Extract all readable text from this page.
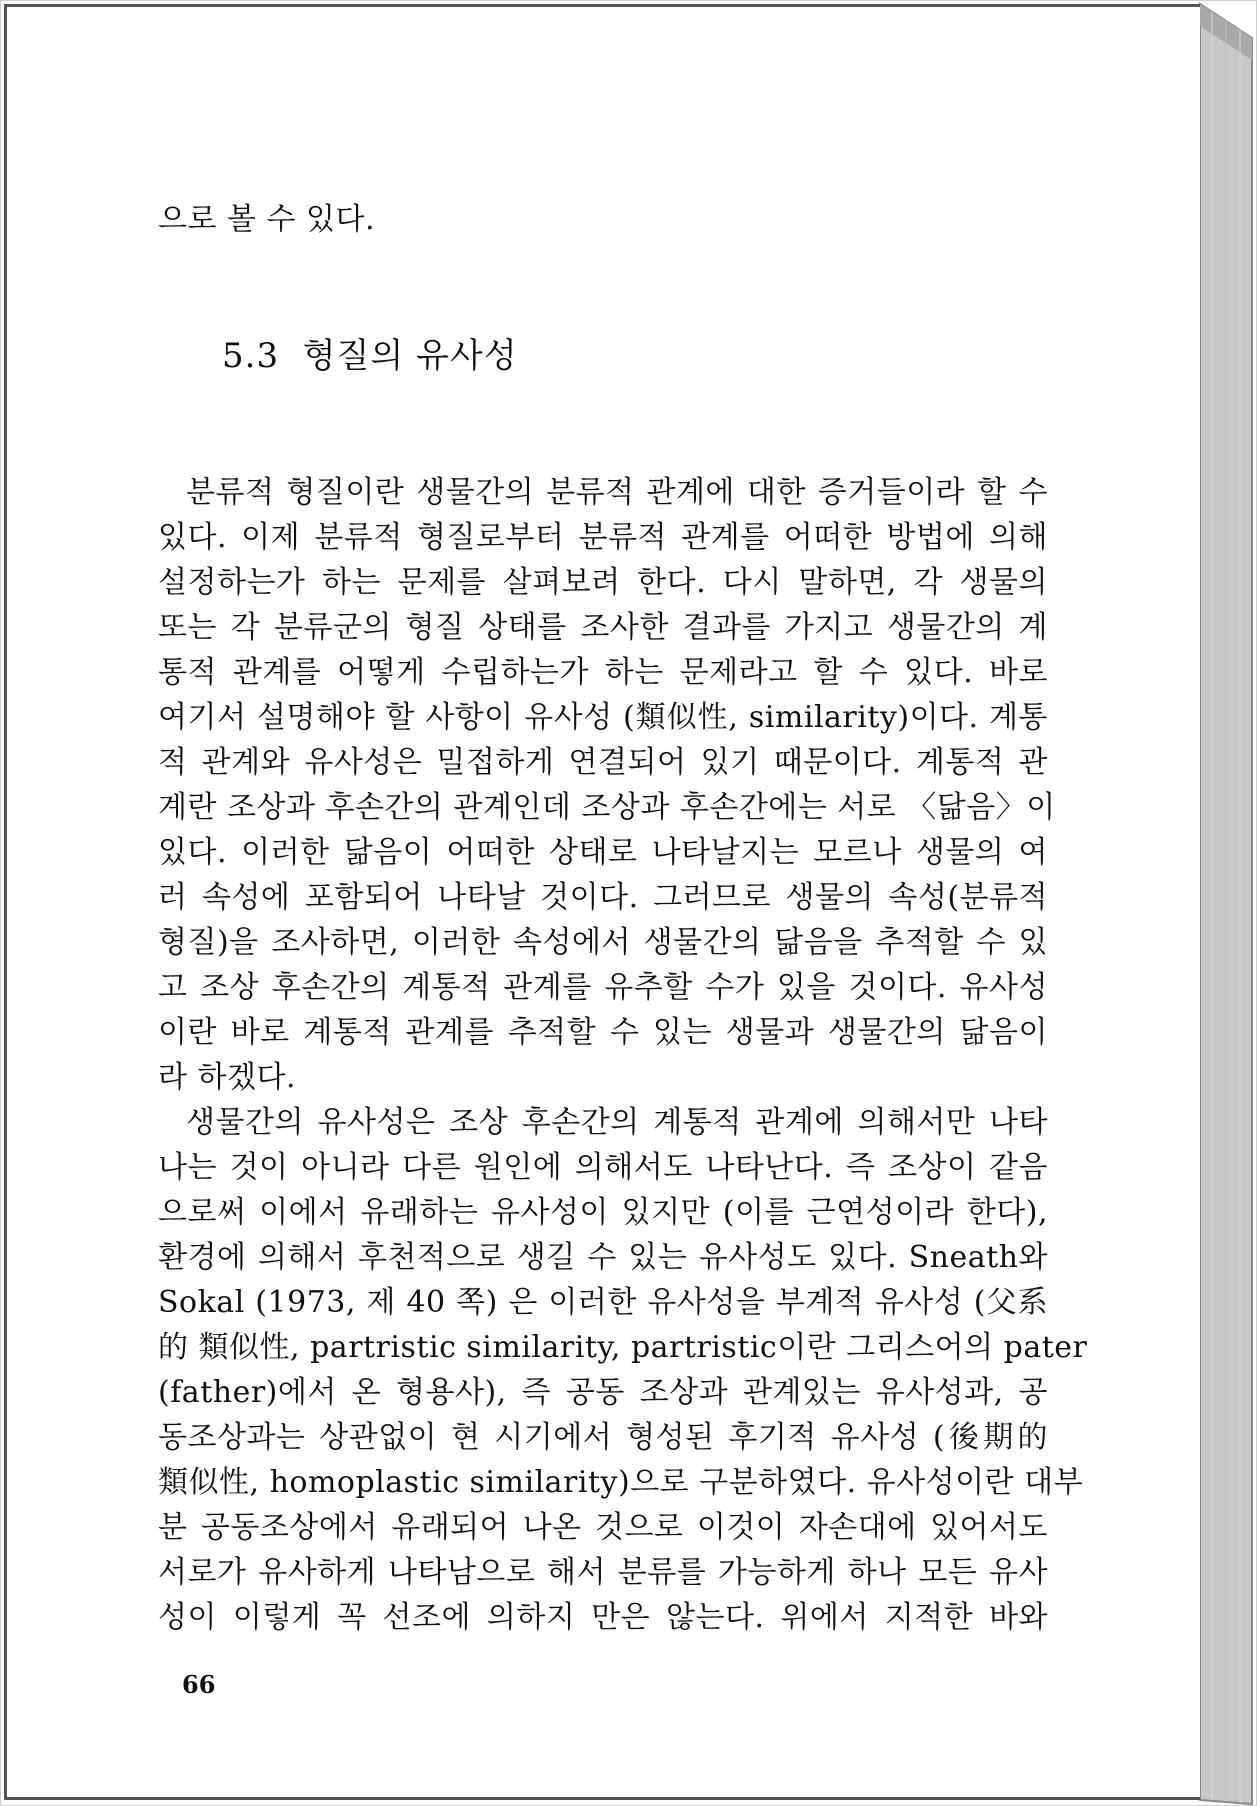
으로 볼 수 있다.
5.3  형질의 유사성
분류적 형질이란 생물간의 분류적 관계에 대한 증거들이라 할 수
있다. 이제 분류적 형질로부터 분류적 관계를 어떠한 방법에 의해
설정하는가 하는 문제를 살펴보려 한다. 다시 말하면, 각 생물의
또는 각 분류군의 형질 상태를 조사한 결과를 가지고 생물간의 계
통적 관계를 어떻게 수립하는가 하는 문제라고 할 수 있다. 바로
여기서 설명해야 할 사항이 유사성 (類似性, similarity)이다. 계통
적 관계와 유사성은 밀접하게 연결되어 있기 때문이다. 계통적 관
계란 조상과 후손간의 관계인데 조상과 후손간에는 서로 〈닮음〉이
있다. 이러한 닮음이 어떠한 상태로 나타날지는 모르나 생물의 여
러 속성에 포함되어 나타날 것이다. 그러므로 생물의 속성(분류적
형질)을 조사하면, 이러한 속성에서 생물간의 닮음을 추적할 수 있
고 조상 후손간의 계통적 관계를 유추할 수가 있을 것이다. 유사성
이란 바로 계통적 관계를 추적할 수 있는 생물과 생물간의 닮음이
라 하겠다.
생물간의 유사성은 조상 후손간의 계통적 관계에 의해서만 나타
나는 것이 아니라 다른 원인에 의해서도 나타난다. 즉 조상이 같음
으로써 이에서 유래하는 유사성이 있지만 (이를 근연성이라 한다),
환경에 의해서 후천적으로 생길 수 있는 유사성도 있다. Sneath와
Sokal (1973, 제 40 쪽) 은 이러한 유사성을 부계적 유사성 (父系
的 類似性, partristic similarity, partristic이란 그리스어의 pater
(father)에서 온 형용사), 즉 공동 조상과 관계있는 유사성과, 공
동조상과는 상관없이 현 시기에서 형성된 후기적 유사성 (後期的
類似性, homoplastic similarity)으로 구분하였다. 유사성이란 대부
분 공동조상에서 유래되어 나온 것으로 이것이 자손대에 있어서도
서로가 유사하게 나타남으로 해서 분류를 가능하게 하나 모든 유사
성이 이렇게 꼭 선조에 의하지 만은 않는다. 위에서 지적한 바와
66
